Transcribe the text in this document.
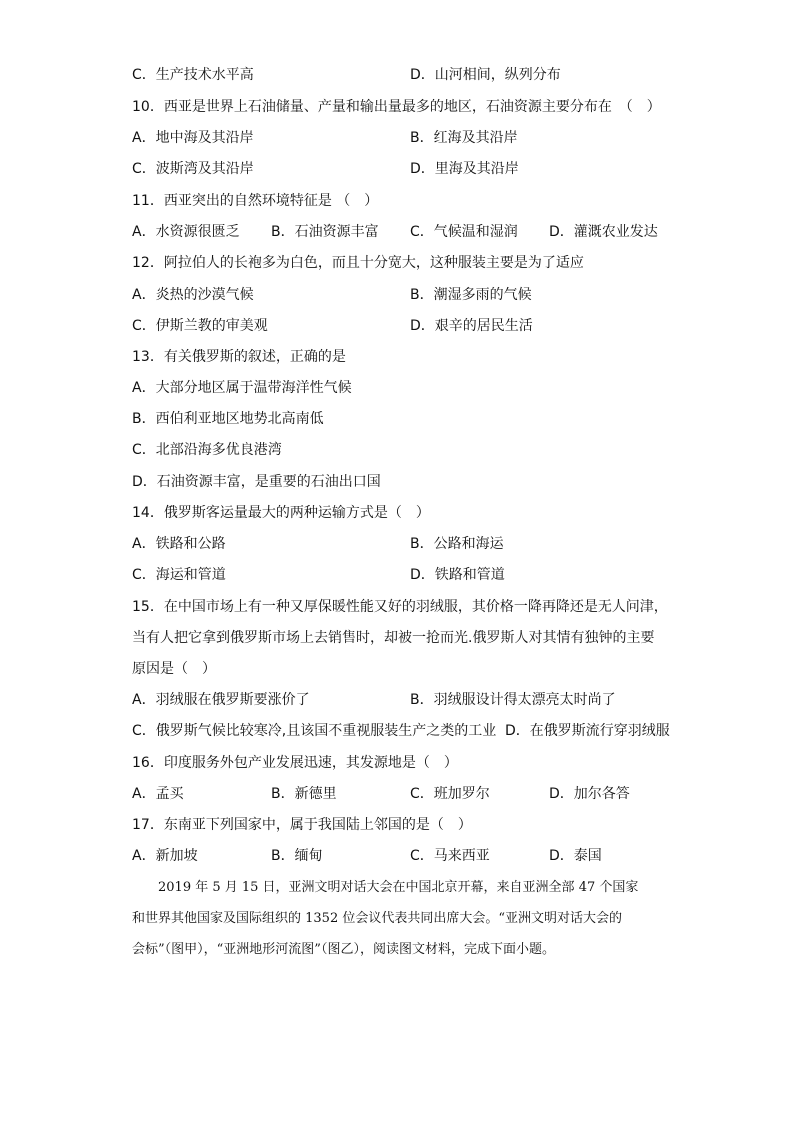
C．生产技术水平高	D．山河相间，纵列分布
10．西亚是世界上石油储量、产量和输出量最多的地区，石油资源主要分布在　（　）
A．地中海及其沿岸	B．红海及其沿岸
C．波斯湾及其沿岸	D．里海及其沿岸
11．西亚突出的自然环境特征是 （　）
A．水资源很匮乏 B．石油资源丰富 C．气候温和湿润 D．灌溉农业发达
12．阿拉伯人的长袍多为白色，而且十分宽大，这种服装主要是为了适应
A．炎热的沙漠气候	B．潮湿多雨的气候
C．伊斯兰教的审美观	D．艰辛的居民生活
13．有关俄罗斯的叙述，正确的是
A．大部分地区属于温带海洋性气候
B．西伯利亚地区地势北高南低
C．北部沿海多优良港湾
D．石油资源丰富，是重要的石油出口国
14．俄罗斯客运量最大的两种运输方式是（　）
A．铁路和公路	B．公路和海运
C．海运和管道	D．铁路和管道
15．在中国市场上有一种又厚保暖性能又好的羽绒服，其价格一降再降还是无人问津，
当有人把它拿到俄罗斯市场上去销售时，却被一抢而光.俄罗斯人对其情有独钟的主要
原因是（　）
A．羽绒服在俄罗斯要涨价了	B．羽绒服设计得太漂亮太时尚了
C．俄罗斯气候比较寒冷,且该国不重视服装生产之类的工业 D．在俄罗斯流行穿羽绒服
16．印度服务外包产业发展迅速，其发源地是（　）
A．孟买	B．新德里	C．班加罗尔	D．加尔各答
17．东南亚下列国家中，属于我国陆上邻国的是（　）
A．新加坡	B．缅甸	C．马来西亚	D．泰国
　　2019 年 5 月 15 日，亚洲文明对话大会在中国北京开幕，来自亚洲全部 47 个国家
和世界其他国家及国际组织的 1352 位会议代表共同出席大会。“亚洲文明对话大会的
会标”（图甲），“亚洲地形河流图”（图乙），阅读图文材料，完成下面小题。
